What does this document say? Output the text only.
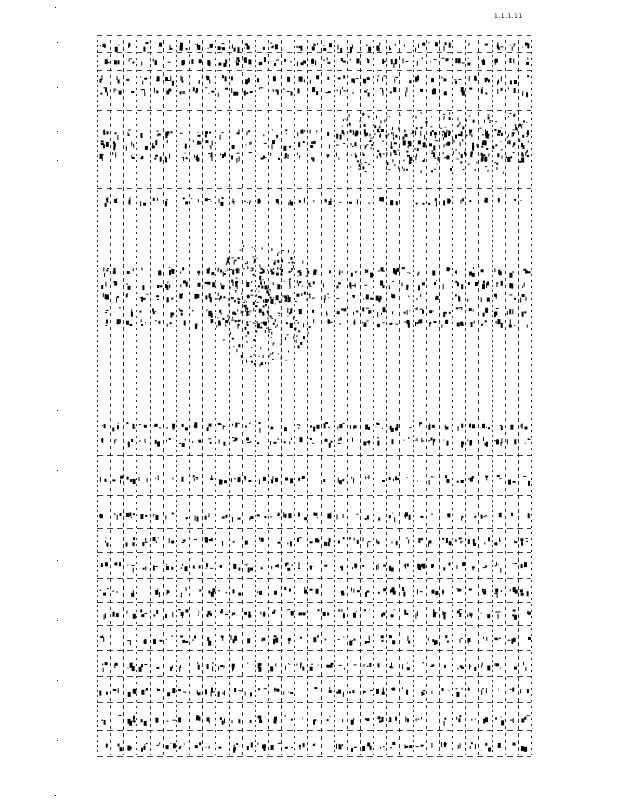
1.1.1.11
